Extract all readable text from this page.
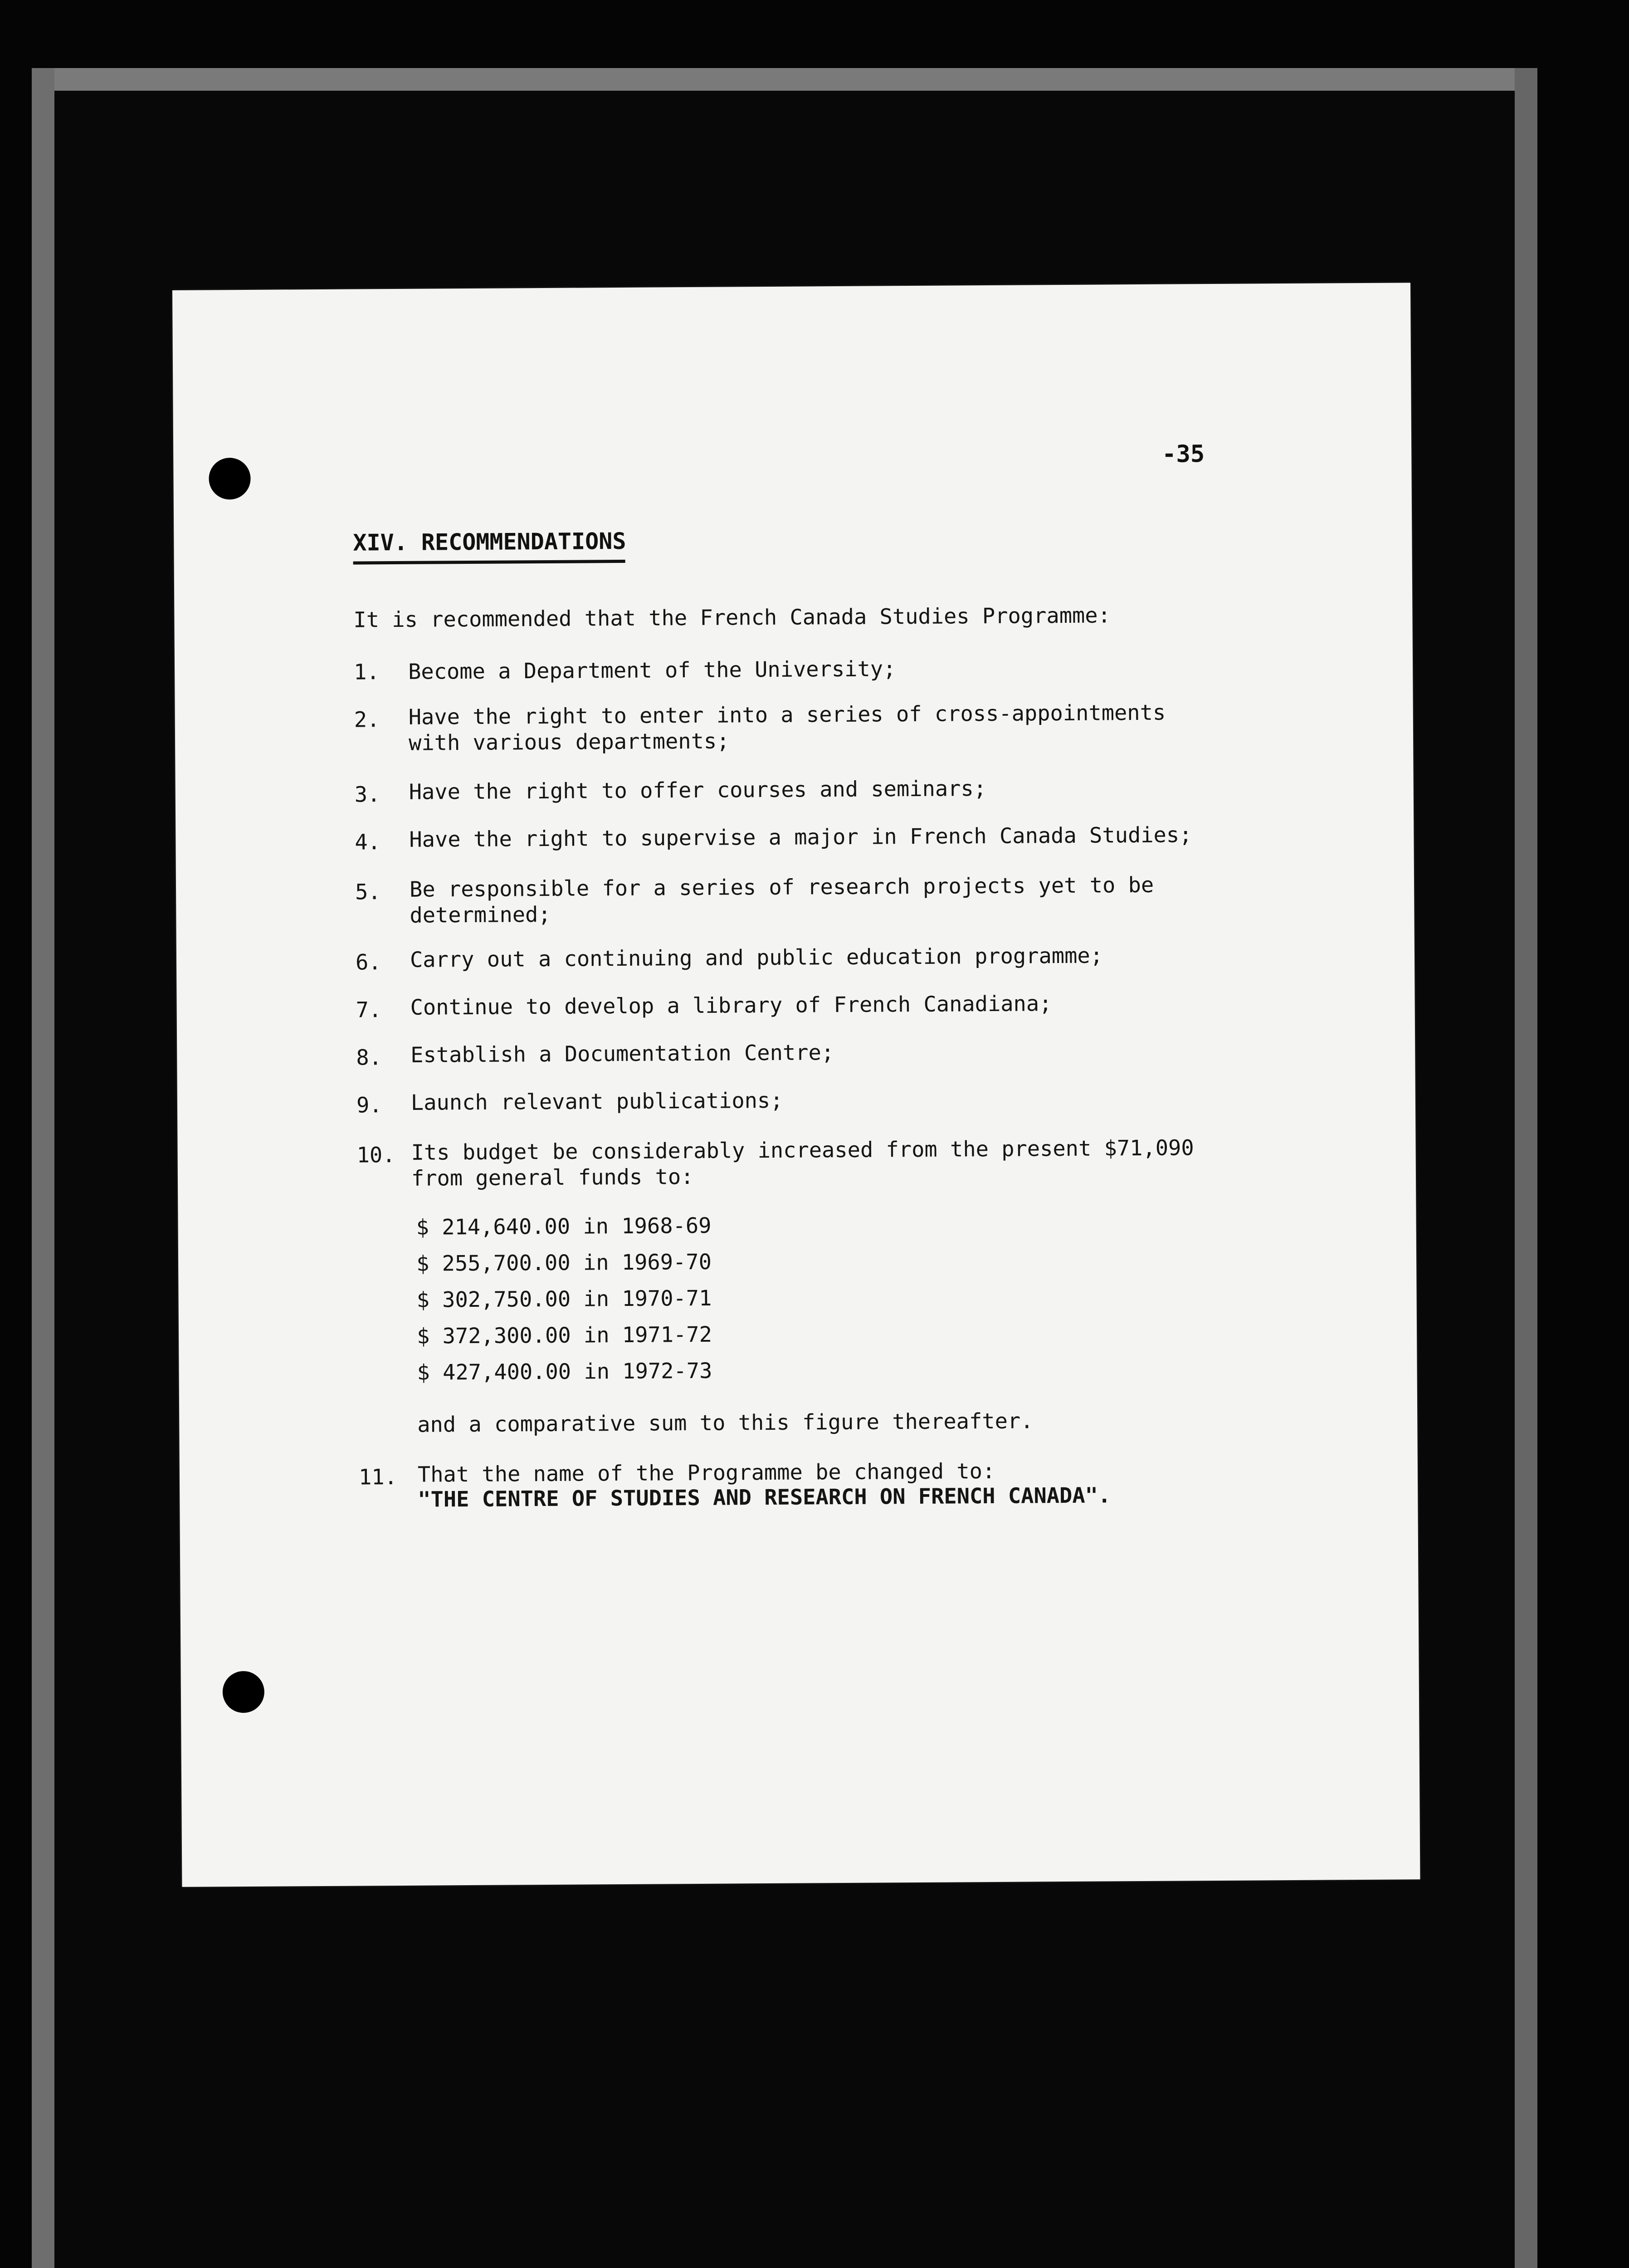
-35
XIV. RECOMMENDATIONS
It is recommended that the French Canada Studies Programme:
1. Become a Department of the University;
2. Have the right to enter into a series of cross-appointments
with various departments;
3. Have the right to offer courses and seminars;
4. Have the right to supervise a major in French Canada Studies;
5. Be responsible for a series of research projects yet to be
determined;
6. Carry out a continuing and public education programme;
7. Continue to develop a library of French Canadiana;
8. Establish a Documentation Centre;
9. Launch relevant publications;
10. Its budget be considerably increased from the present $71,090
from general funds to:
$ 214,640.00 in 1968-69
$ 255,700.00 in 1969-70
$ 302,750.00 in 1970-71
$ 372,300.00 in 1971-72
$ 427,400.00 in 1972-73
and a comparative sum to this figure thereafter.
11. That the name of the Programme be changed to:
"THE CENTRE OF STUDIES AND RESEARCH ON FRENCH CANADA".
